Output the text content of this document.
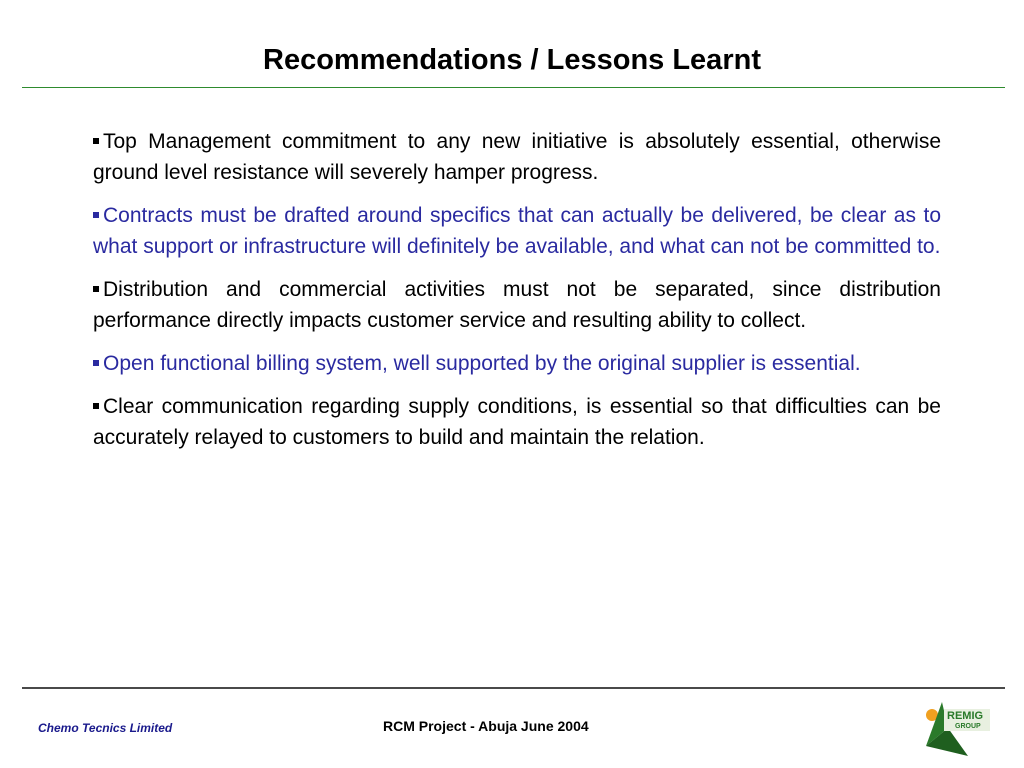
Recommendations / Lessons Learnt

Top Management commitment to any new initiative is absolutely essential, otherwise ground level resistance will severely hamper progress.

Contracts must be drafted around specifics that can actually be delivered, be clear as to what support or infrastructure will definitely be available, and what can not be committed to.

Distribution and commercial activities must not be separated, since distribution performance directly impacts customer service and resulting ability to collect.

Open functional billing system, well supported by the original supplier is essential.

Clear communication regarding supply conditions, is essential so that difficulties can be accurately relayed to customers to build and maintain the relation.

Chemo Tecnics Limited	RCM Project - Abuja June 2004
REMIG
GROUP
